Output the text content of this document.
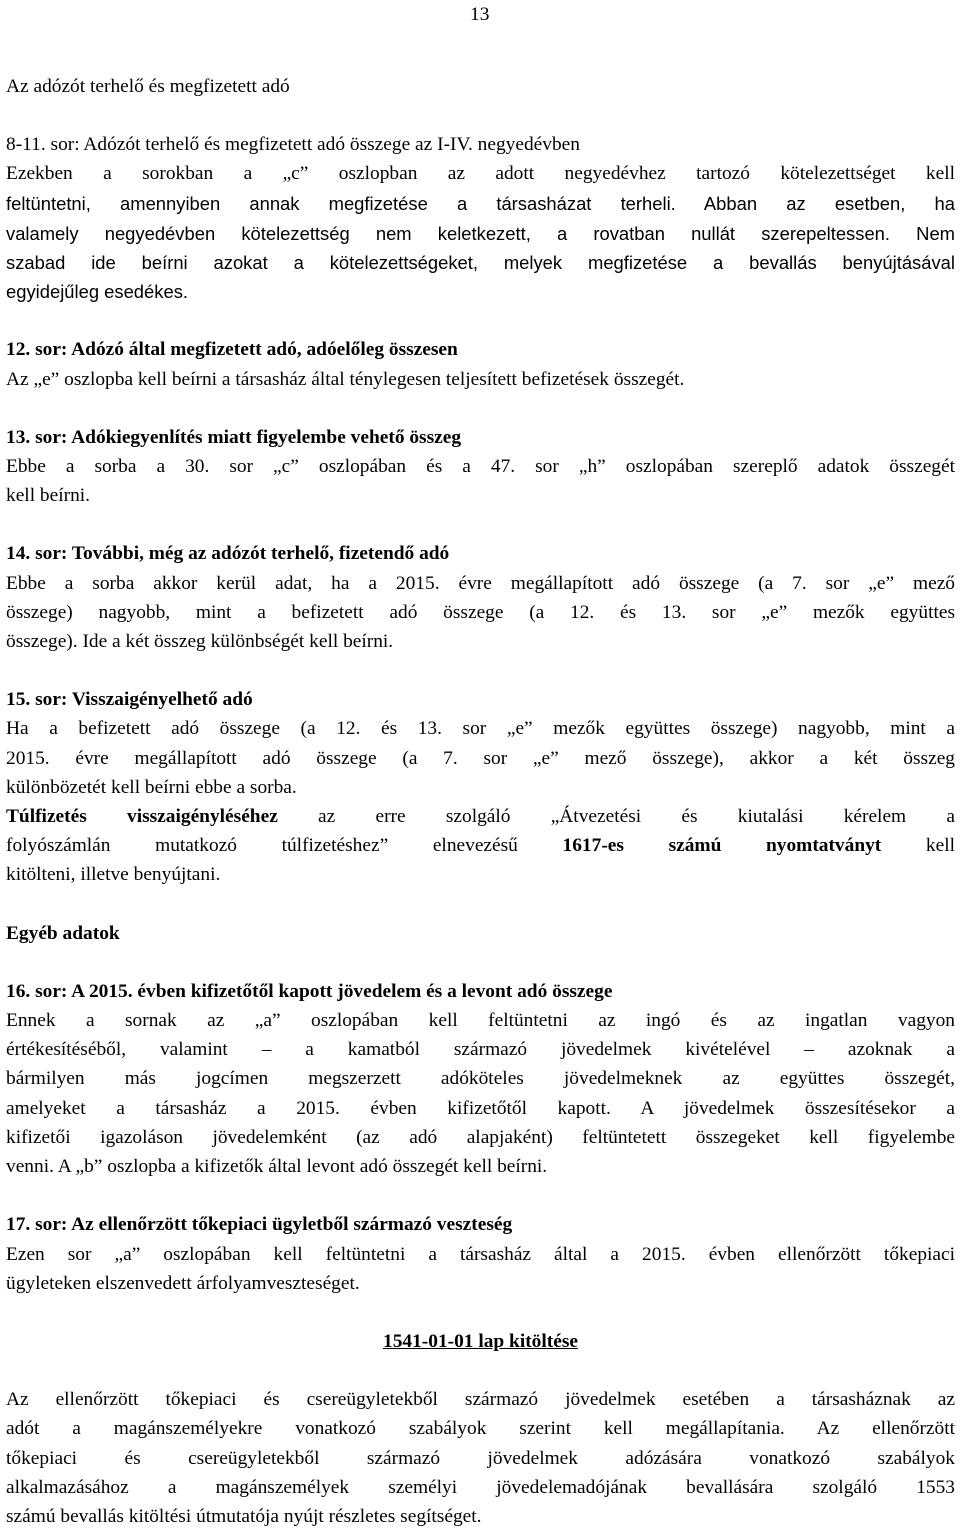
13

Az adózót terhelő és megfizetett adó

8-11. sor: Adózót terhelő és megfizetett adó összege az I-IV. negyedévben

Ezekben a sorokban a „c” oszlopban az adott negyedévhez tartozó kötelezettséget kell

feltüntetni, amennyiben annak megfizetése a társasházat terheli. Abban az esetben, ha

valamely negyedévben kötelezettség nem keletkezett, a rovatban nullát szerepeltessen. Nem

szabad ide beírni azokat a kötelezettségeket, melyek megfizetése a bevallás benyújtásával

egyidejűleg esedékes.

12. sor: Adózó által megfizetett adó, adóelőleg összesen

Az „e” oszlopba kell beírni a társasház által ténylegesen teljesített befizetések összegét.

13. sor: Adókiegyenlítés miatt figyelembe vehető összeg

Ebbe a sorba a 30. sor „c” oszlopában és a 47. sor „h” oszlopában szereplő adatok összegét

kell beírni.

14. sor: További, még az adózót terhelő, fizetendő adó

Ebbe a sorba akkor kerül adat, ha a 2015. évre megállapított adó összege (a 7. sor „e” mező

összege) nagyobb, mint a befizetett adó összege (a 12. és 13. sor „e” mezők együttes

összege). Ide a két összeg különbségét kell beírni.

15. sor: Visszaigényelhető adó

Ha a befizetett adó összege (a 12. és 13. sor „e” mezők együttes összege) nagyobb, mint a

2015. évre megállapított adó összege (a 7. sor „e” mező összege), akkor a két összeg

különbözetét kell beírni ebbe a sorba.

Túlfizetés visszaigényléséhez az erre szolgáló „Átvezetési és kiutalási kérelem a

folyószámlán mutatkozó túlfizetéshez” elnevezésű 1617-es számú nyomtatványt kell

kitölteni, illetve benyújtani.

Egyéb adatok

16. sor: A 2015. évben kifizetőtől kapott jövedelem és a levont adó összege

Ennek a sornak az „a” oszlopában kell feltüntetni az ingó és az ingatlan vagyon

értékesítéséből, valamint – a kamatból származó jövedelmek kivételével – azoknak a

bármilyen más jogcímen megszerzett adóköteles jövedelmeknek az együttes összegét,

amelyeket a társasház a 2015. évben kifizetőtől kapott. A jövedelmek összesítésekor a

kifizetői igazoláson jövedelemként (az adó alapjaként) feltüntetett összegeket kell figyelembe

venni. A „b” oszlopba a kifizetők által levont adó összegét kell beírni.

17. sor: Az ellenőrzött tőkepiaci ügyletből származó veszteség

Ezen sor „a” oszlopában kell feltüntetni a társasház által a 2015. évben ellenőrzött tőkepiaci

ügyleteken elszenvedett árfolyamveszteséget.

1541-01-01 lap kitöltése

Az ellenőrzött tőkepiaci és csereügyletekből származó jövedelmek esetében a társasháznak az

adót a magánszemélyekre vonatkozó szabályok szerint kell megállapítania. Az ellenőrzött

tőkepiaci és csereügyletekből származó jövedelmek adózására vonatkozó szabályok

alkalmazásához a magánszemélyek személyi jövedelemadójának bevallására szolgáló 1553

számú bevallás kitöltési útmutatója nyújt részletes segítséget.
